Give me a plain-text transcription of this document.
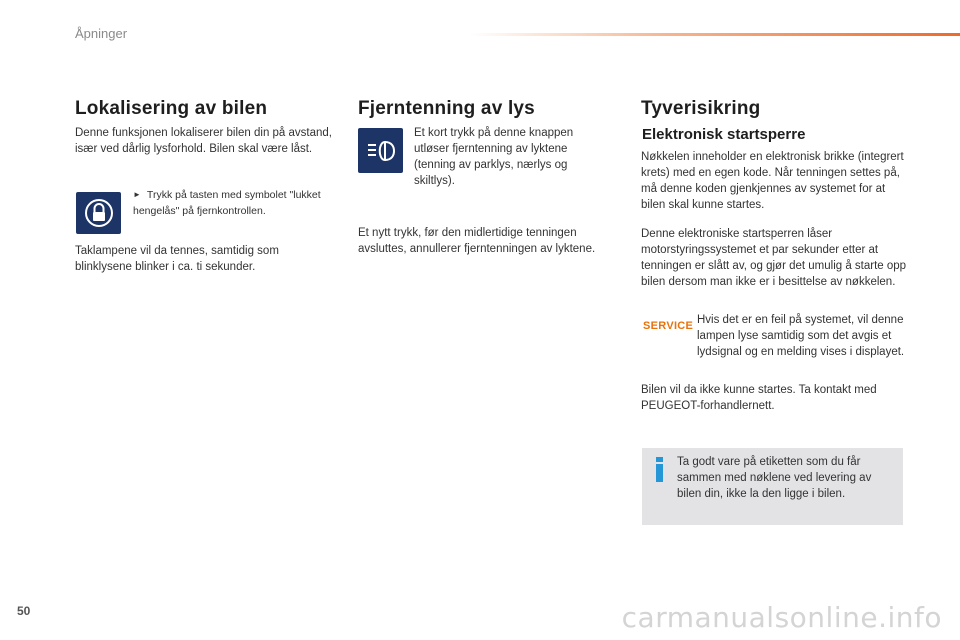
Åpninger
Lokalisering av bilen

Denne funksjonen lokaliserer bilen din på avstand, især ved dårlig lysforhold. Bilen skal være låst.

► Trykk på tasten med symbolet "lukket hengelås" på fjernkontrollen.

Taklampene vil da tennes, samtidig som blinklysene blinker i ca. ti sekunder.

Fjerntenning av lys

Et kort trykk på denne knappen utløser fjerntenning av lyktene (tenning av parklys, nærlys og skiltlys).

Et nytt trykk, før den midlertidige tenningen avsluttes, annullerer fjerntenningen av lyktene.

Tyverisikring
Elektronisk startsperre

Nøkkelen inneholder en elektronisk brikke (integrert krets) med en egen kode. Når tenningen settes på, må denne koden gjenkjennes av systemet for at bilen skal kunne startes.

Denne elektroniske startsperren låser motorstyringssystemet et par sekunder etter at tenningen er slått av, og gjør det umulig å starte opp bilen dersom man ikke er i besittelse av nøkkelen.

SERVICE Hvis det er en feil på systemet, vil denne lampen lyse samtidig som det avgis et lydsignal og en melding vises i displayet.

Bilen vil da ikke kunne startes. Ta kontakt med PEUGEOT-forhandlernett.

Ta godt vare på etiketten som du får sammen med nøklene ved levering av bilen din, ikke la den ligge i bilen.

50	carmanualsonline.info
